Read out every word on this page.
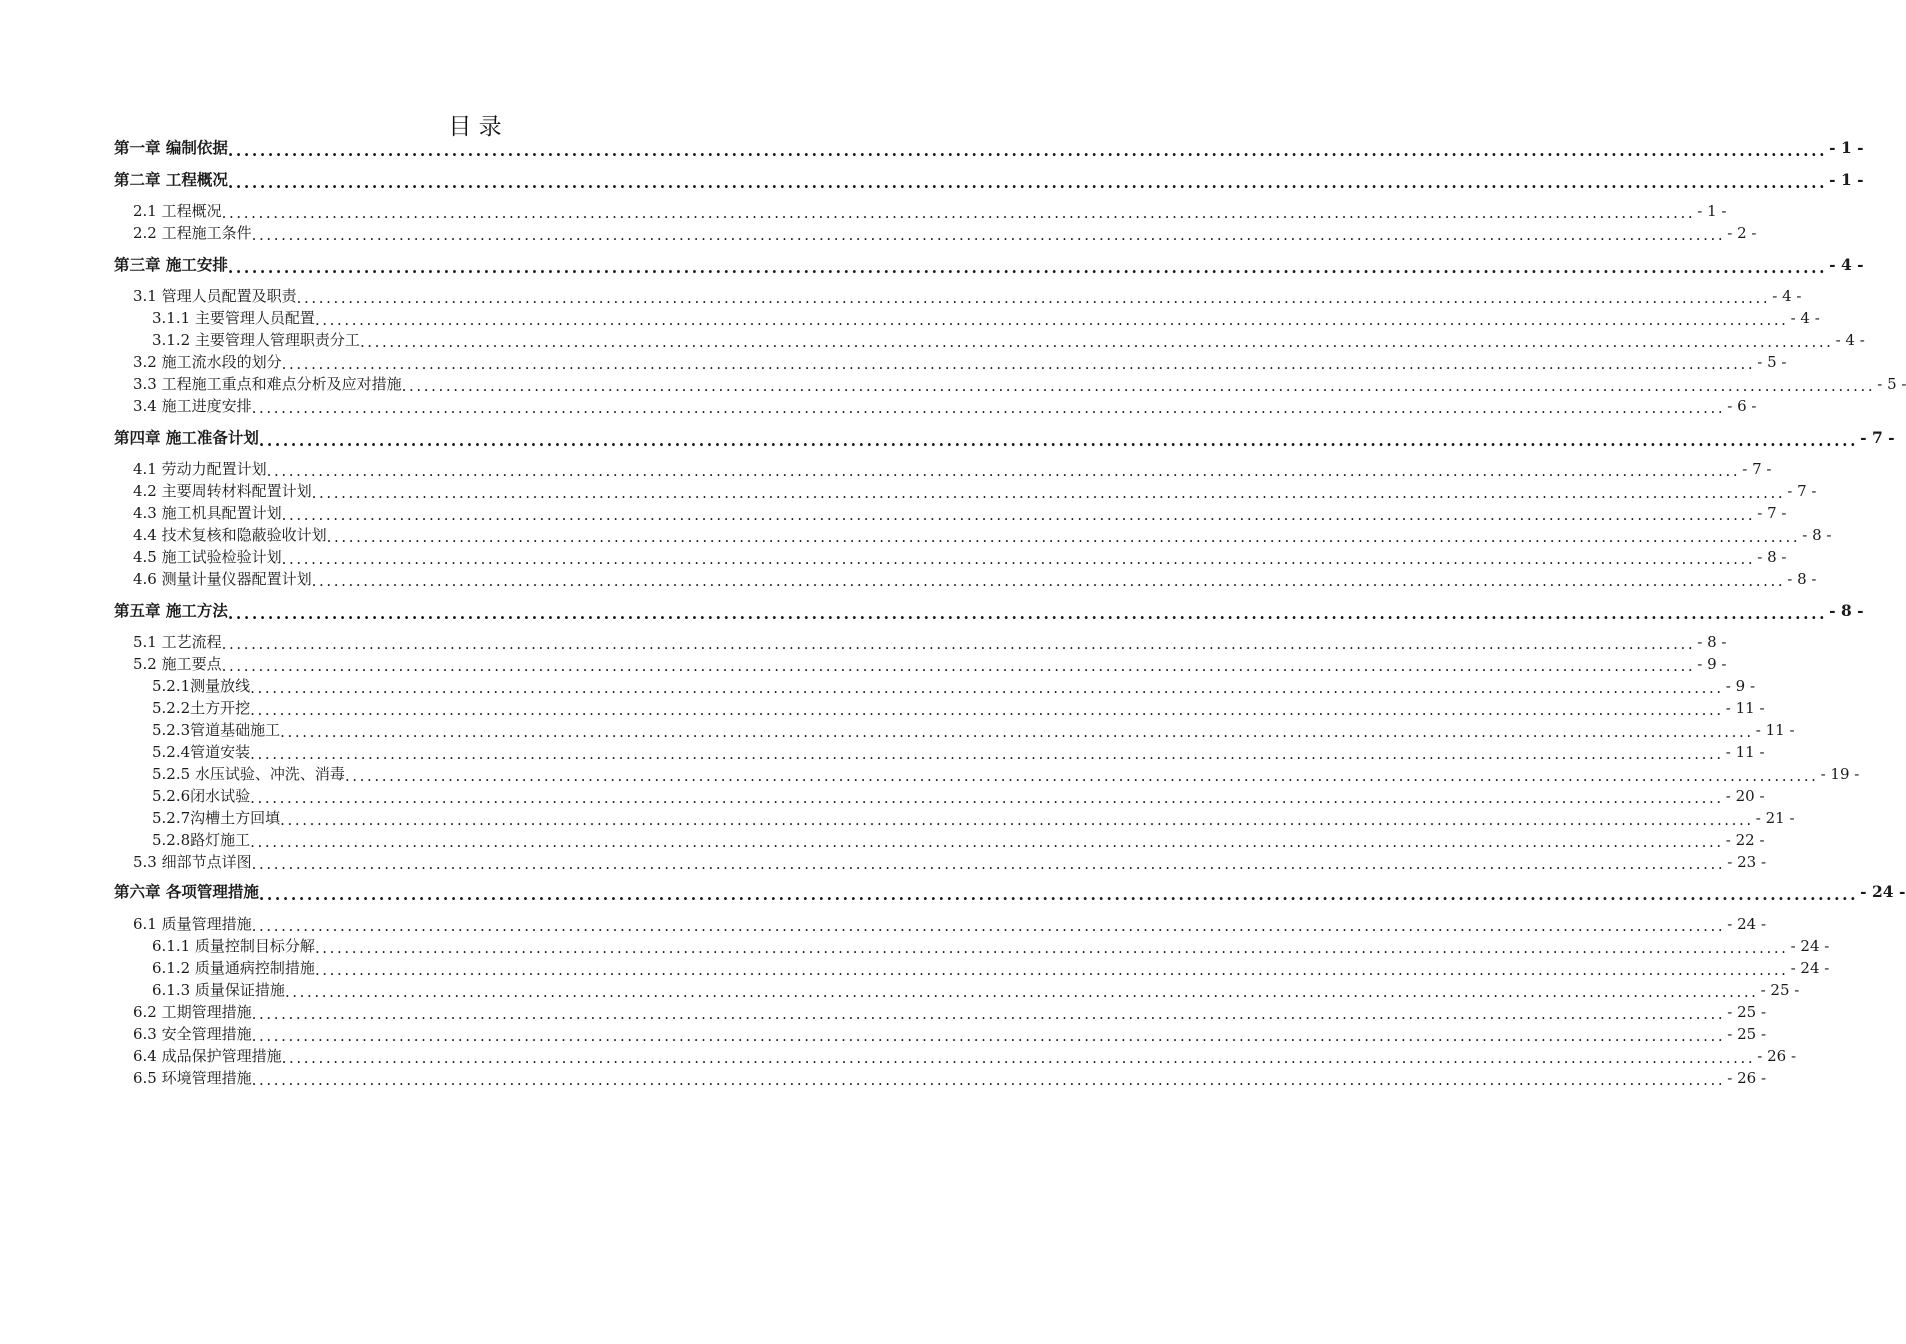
目 录
第一章 编制依据 ........................................................................................................................................................................................................ - 1 -
第二章 工程概况 ........................................................................................................................................................................................................ - 1 -
2.1 工程概况 ........................................................................................................................................................................................................ - 1 -
2.2 工程施工条件 ........................................................................................................................................................................................................ - 2 -
第三章 施工安排 ........................................................................................................................................................................................................ - 4 -
3.1 管理人员配置及职责 ........................................................................................................................................................................................................ - 4 -
3.1.1 主要管理人员配置 ........................................................................................................................................................................................................ - 4 -
3.1.2 主要管理人管理职责分工 ........................................................................................................................................................................................................ - 4 -
3.2 施工流水段的划分 ........................................................................................................................................................................................................ - 5 -
3.3 工程施工重点和难点分析及应对措施 ........................................................................................................................................................................................................ - 5 -
3.4 施工进度安排 ........................................................................................................................................................................................................ - 6 -
第四章 施工准备计划 ........................................................................................................................................................................................................ - 7 -
4.1 劳动力配置计划 ........................................................................................................................................................................................................ - 7 -
4.2 主要周转材料配置计划 ........................................................................................................................................................................................................ - 7 -
4.3 施工机具配置计划 ........................................................................................................................................................................................................ - 7 -
4.4 技术复核和隐蔽验收计划 ........................................................................................................................................................................................................ - 8 -
4.5 施工试验检验计划 ........................................................................................................................................................................................................ - 8 -
4.6 测量计量仪器配置计划 ........................................................................................................................................................................................................ - 8 -
第五章 施工方法 ........................................................................................................................................................................................................ - 8 -
5.1 工艺流程 ........................................................................................................................................................................................................ - 8 -
5.2 施工要点 ........................................................................................................................................................................................................ - 9 -
5.2.1测量放线 ........................................................................................................................................................................................................ - 9 -
5.2.2土方开挖 ........................................................................................................................................................................................................ - 11 -
5.2.3管道基础施工 ........................................................................................................................................................................................................ - 11 -
5.2.4管道安装 ........................................................................................................................................................................................................ - 11 -
5.2.5 水压试验、冲洗、消毒 ........................................................................................................................................................................................................ - 19 -
5.2.6闭水试验 ........................................................................................................................................................................................................ - 20 -
5.2.7沟槽土方回填 ........................................................................................................................................................................................................ - 21 -
5.2.8路灯施工 ........................................................................................................................................................................................................ - 22 -
5.3 细部节点详图 ........................................................................................................................................................................................................ - 23 -
第六章 各项管理措施 ........................................................................................................................................................................................................ - 24 -
6.1 质量管理措施 ........................................................................................................................................................................................................ - 24 -
6.1.1 质量控制目标分解 ........................................................................................................................................................................................................ - 24 -
6.1.2 质量通病控制措施 ........................................................................................................................................................................................................ - 24 -
6.1.3 质量保证措施 ........................................................................................................................................................................................................ - 25 -
6.2 工期管理措施 ........................................................................................................................................................................................................ - 25 -
6.3 安全管理措施 ........................................................................................................................................................................................................ - 25 -
6.4 成品保护管理措施 ........................................................................................................................................................................................................ - 26 -
6.5 环境管理措施 ........................................................................................................................................................................................................ - 26 -
